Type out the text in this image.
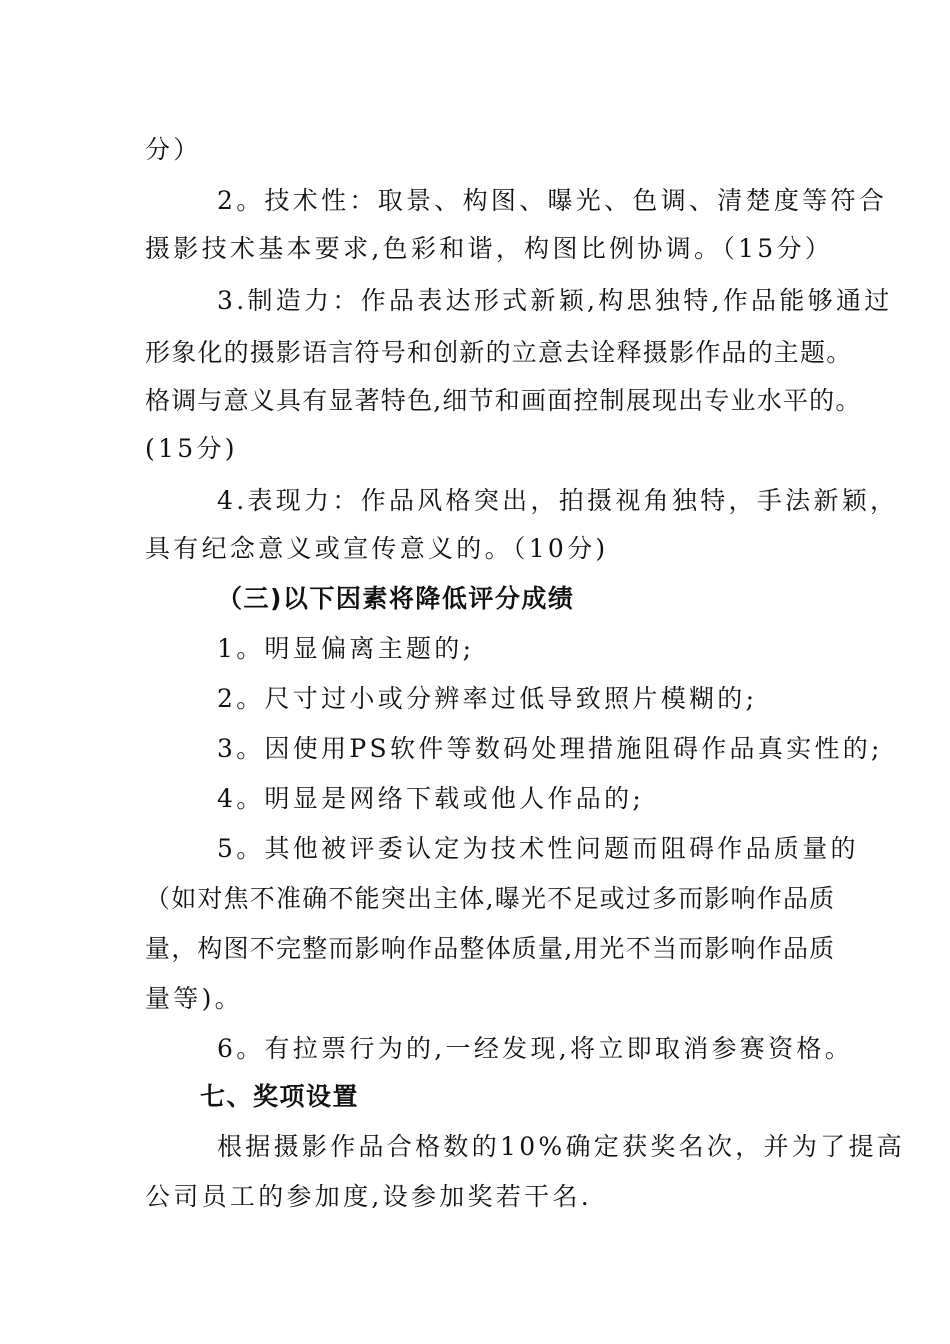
分）
2。技术性：取景、构图、曝光、色调、清楚度等符合
摄影技术基本要求,色彩和谐，构图比例协调。（15分）
3.制造力：作品表达形式新颖,构思独特,作品能够通过
形象化的摄影语言符号和创新的立意去诠释摄影作品的主题。
格调与意义具有显著特色,细节和画面控制展现出专业水平的。
(15分)
4.表现力：作品风格突出，拍摄视角独特，手法新颖，
具有纪念意义或宣传意义的。（10分)
（三)以下因素将降低评分成绩
1。明显偏离主题的;
2。尺寸过小或分辨率过低导致照片模糊的;
3。因使用PS软件等数码处理措施阻碍作品真实性的;
4。明显是网络下载或他人作品的;
5。其他被评委认定为技术性问题而阻碍作品质量的
（如对焦不准确不能突出主体,曝光不足或过多而影响作品质
量，构图不完整而影响作品整体质量,用光不当而影响作品质
量等)。
6。有拉票行为的,一经发现,将立即取消参赛资格。
七、奖项设置
根据摄影作品合格数的10%确定获奖名次，并为了提高
公司员工的参加度,设参加奖若干名.
